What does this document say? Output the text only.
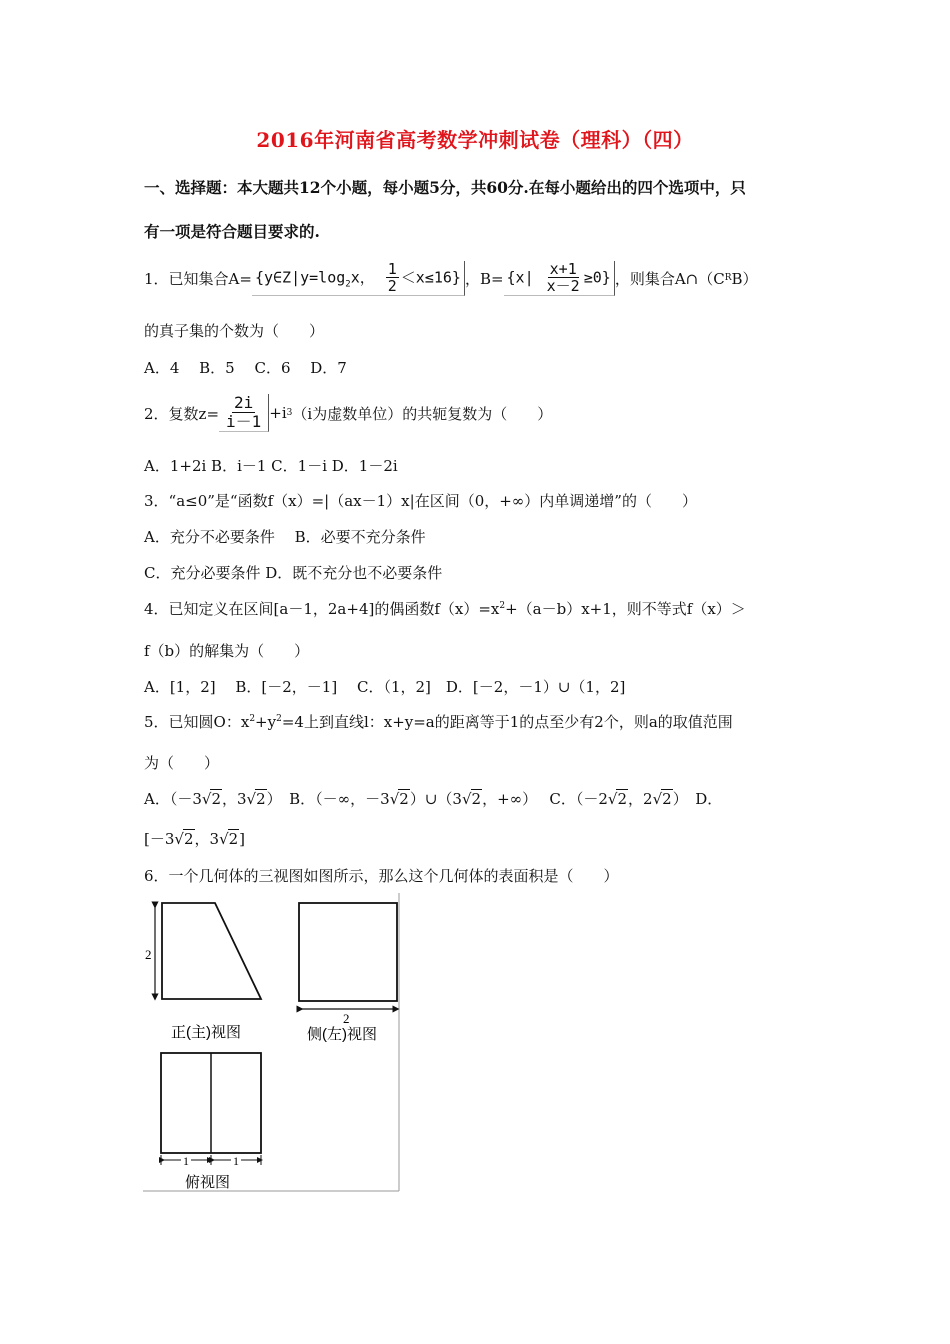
2016年河南省高考数学冲刺试卷（理科）（四）
一、选择题：本大题共12个小题，每小题5分，共60分.在每小题给出的四个选项中，只
有一项是符合题目要求的.
1．已知集合$A= \{y\in Z|y=\log_2x$， $\frac{1}{2} <x\le 16$} ，$B= \{x| \frac{x+1}{x-2} \ge 0\}$ ，则集合A∩（C R B）
的真子集的个数为（　　）
A．4　 B．5　 C．6　 D．7
2．复数$z= \frac{2i}{i-1} +i$ 3 （i为虚数单位）的共轭复数为（　　）
A．1+2i B．i－1 C．1－i D．1－2i
3．“a≤0”是“函数f（x）=|（ax－1）x|在区间（0，+∞）内单调递增”的（　　）
A．充分不必要条件　 B．必要不充分条件
C．充分必要条件 D．既不充分也不必要条件
4．已知定义在区间[a－1，2a+4]的偶函数$f(x)=x^2+(a-b)x+1$，则不等式f（x）＞
f（b）的解集为（　　）
A．[1，2]　 B．[－2，－1]　 C．（1，2]　D．[－2，－1）∪（1，2]
5．已知圆O：$x^2+y^2=4$上到直线l：x+y=a的距离等于1的点至少有2个，则a的取值范围
为（　　）
A．（－3√2，3√2）　B．（－∞，－3√2）∪（3√2，+∞）　 C．（－2√2，2√2）　D．
[－3√2，3√2]
6．一个几何体的三视图如图所示，那么这个几何体的表面积是（　　）
2
正(主)视图
2
侧(左)视图
1	1
俯视图
